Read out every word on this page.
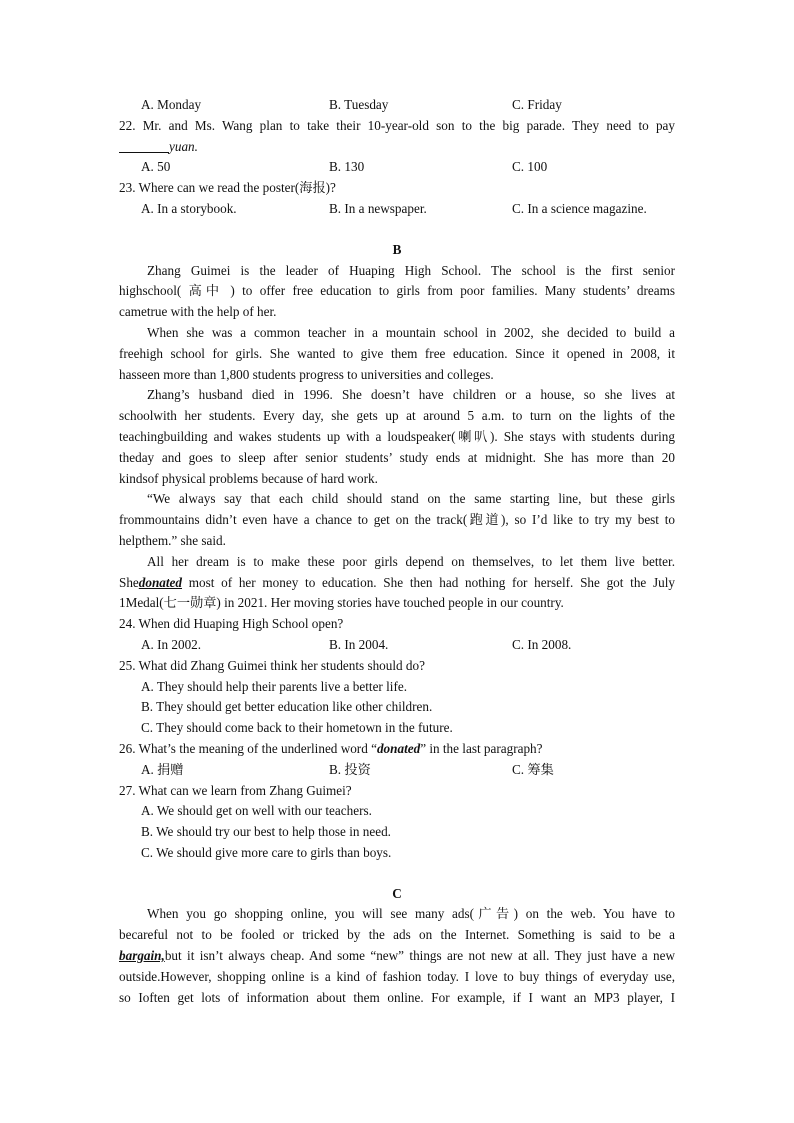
A. Monday	B. Tuesday	C. Friday
22. Mr. and Ms. Wang plan to take their 10-year-old son to the big parade. They need to pay
yuan.
A. 50	B. 130	C. 100
23. Where can we read the poster(海报)?
A. In a storybook.	B. In a newspaper.	C. In a science magazine.
B
Zhang Guimei is the leader of Huaping High School. The school is the first senior
highschool( 高中 ) to offer free education to girls from poor families. Many students’ dreams
cametrue with the help of her.
When she was a common teacher in a mountain school in 2002, she decided to build a
freehigh school for girls. She wanted to give them free education. Since it opened in 2008, it
hasseen more than 1,800 students progress to universities and colleges.
Zhang’s husband died in 1996. She doesn’t have children or a house, so she lives at
schoolwith her students. Every day, she gets up at around 5 a.m. to turn on the lights of the
teachingbuilding and wakes students up with a loudspeaker(喇叭). She stays with students during
theday and goes to sleep after senior students’ study ends at midnight. She has more than 20
kindsof physical problems because of hard work.
“We always say that each child should stand on the same starting line, but these girls
frommountains didn’t even have a chance to get on the track(跑道), so I’d like to try my best to
helpthem.” she said.
All her dream is to make these poor girls depend on themselves, to let them live better.
Shedonated most of her money to education. She then had nothing for herself. She got the July
1Medal(七一勋章) in 2021. Her moving stories have touched people in our country.
24. When did Huaping High School open?
A. In 2002.	B. In 2004.	C. In 2008.
25. What did Zhang Guimei think her students should do?
A. They should help their parents live a better life.
B. They should get better education like other children.
C. They should come back to their hometown in the future.
26. What’s the meaning of the underlined word “donated” in the last paragraph?
A. 捐赠	B. 投资	C. 筹集
27. What can we learn from Zhang Guimei?
A. We should get on well with our teachers.
B. We should try our best to help those in need.
C. We should give more care to girls than boys.
C
When you go shopping online, you will see many ads(广告) on the web. You have to
becareful not to be fooled or tricked by the ads on the Internet. Something is said to be a
bargain,but it isn’t always cheap. And some “new” things are not new at all. They just have a new
outside.However, shopping online is a kind of fashion today. I love to buy things of everyday use,
so Ioften get lots of information about them online. For example, if I want an MP3 player, I
